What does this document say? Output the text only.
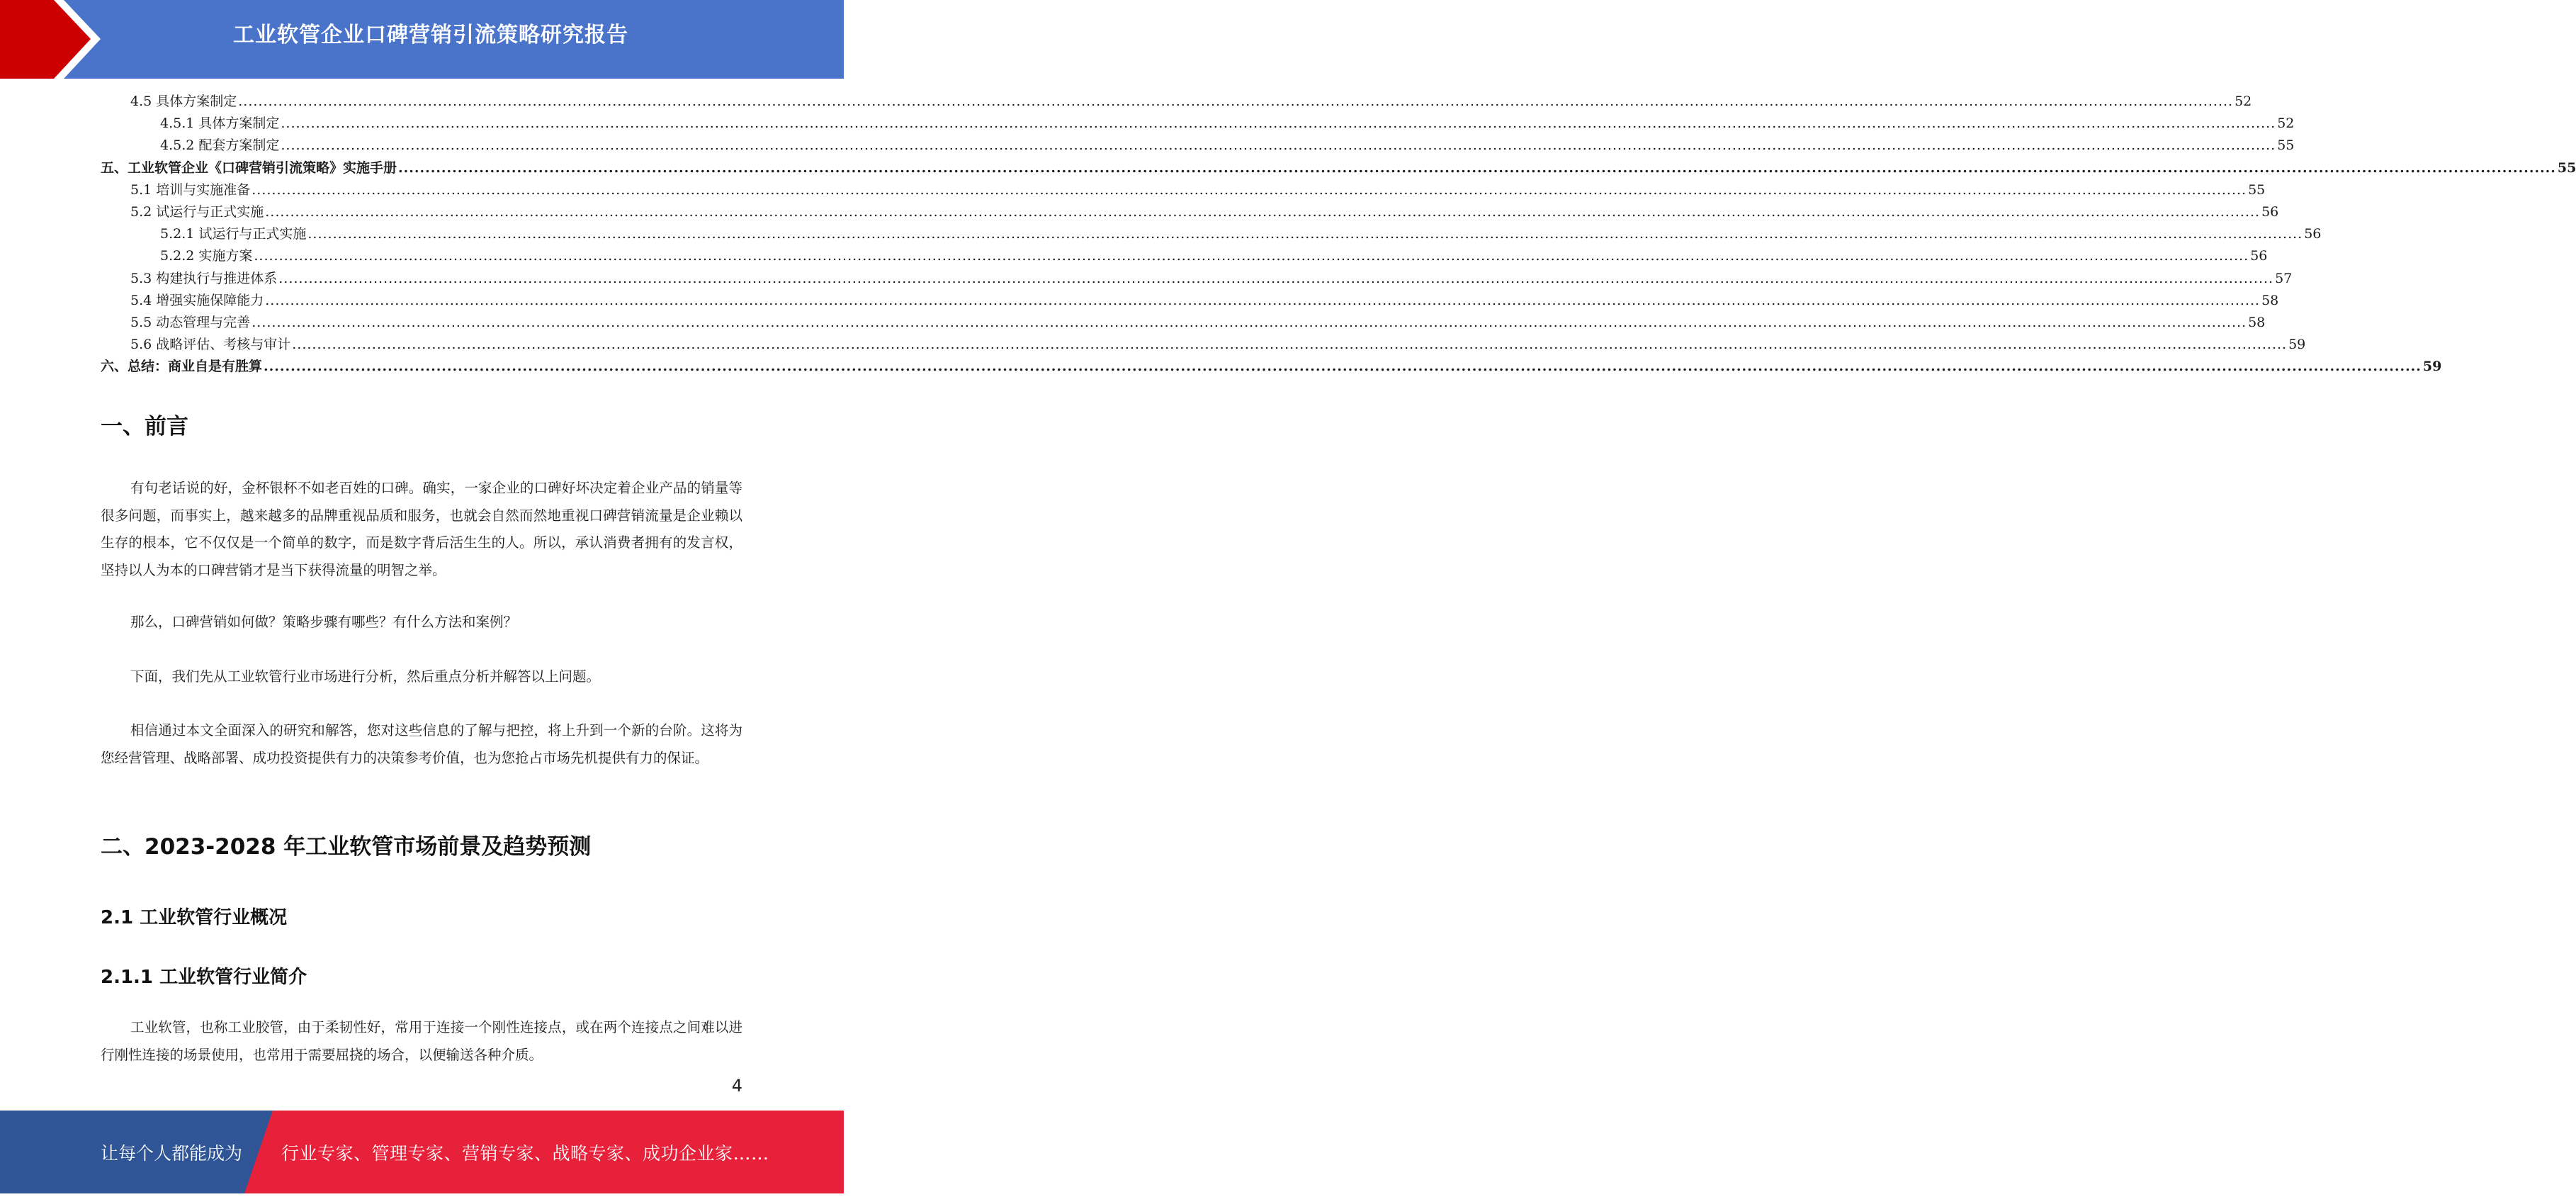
工业软管企业口碑营销引流策略研究报告
4.5 具体方案制定 ................................................................................................................................................................................................................................................................................................................................................................................................................ 52
4.5.1 具体方案制定 ................................................................................................................................................................................................................................................................................................................................................................................................................ 52
4.5.2 配套方案制定 ................................................................................................................................................................................................................................................................................................................................................................................................................ 55
五、工业软管企业《口碑营销引流策略》实施手册 ................................................................................................................................................................................................................................................................................................................................................................................................................ 55
5.1 培训与实施准备 ................................................................................................................................................................................................................................................................................................................................................................................................................ 55
5.2 试运行与正式实施 ................................................................................................................................................................................................................................................................................................................................................................................................................ 56
5.2.1 试运行与正式实施 ................................................................................................................................................................................................................................................................................................................................................................................................................ 56
5.2.2 实施方案 ................................................................................................................................................................................................................................................................................................................................................................................................................ 56
5.3 构建执行与推进体系 ................................................................................................................................................................................................................................................................................................................................................................................................................ 57
5.4 增强实施保障能力 ................................................................................................................................................................................................................................................................................................................................................................................................................ 58
5.5 动态管理与完善 ................................................................................................................................................................................................................................................................................................................................................................................................................ 58
5.6 战略评估、考核与审计 ................................................................................................................................................................................................................................................................................................................................................................................................................ 59
六、总结：商业自是有胜算 ................................................................................................................................................................................................................................................................................................................................................................................................................ 59
一、前言
有句老话说的好，金杯银杯不如老百姓的口碑。确实，一家企业的口碑好坏决定着企业产品的销量等很多问题，而事实上，越来越多的品牌重视品质和服务，也就会自然而然地重视口碑营销流量是企业赖以生存的根本，它不仅仅是一个简单的数字，而是数字背后活生生的人。所以，承认消费者拥有的发言权，坚持以人为本的口碑营销才是当下获得流量的明智之举。
那么，口碑营销如何做？策略步骤有哪些？有什么方法和案例？
下面，我们先从工业软管行业市场进行分析，然后重点分析并解答以上问题。
相信通过本文全面深入的研究和解答，您对这些信息的了解与把控，将上升到一个新的台阶。这将为您经营管理、战略部署、成功投资提供有力的决策参考价值，也为您抢占市场先机提供有力的保证。
二、2023-2028 年工业软管市场前景及趋势预测
2.1 工业软管行业概况
2.1.1 工业软管行业简介
工业软管，也称工业胶管，由于柔韧性好，常用于连接一个刚性连接点，或在两个连接点之间难以进行刚性连接的场景使用，也常用于需要屈挠的场合，以便输送各种介质。
4
让每个人都能成为 行业专家、管理专家、营销专家、战略专家、成功企业家……
